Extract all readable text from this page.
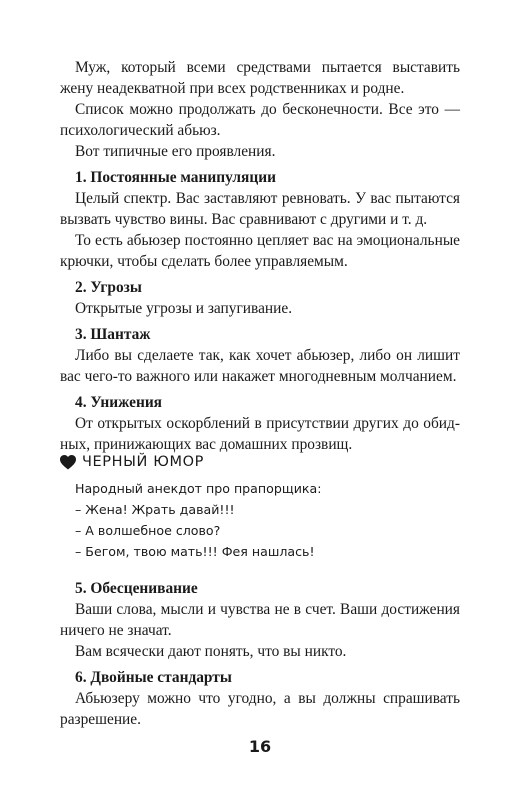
Муж, который всеми средствами пытается выставить жену неадекватной при всех родственниках и родне.

Список можно продолжать до бесконечности. Все это — психологический абьюз.

Вот типичные его проявления.

1. Постоянные манипуляции

Целый спектр. Вас заставляют ревновать. У вас пытаются вызвать чувство вины. Вас сравнивают с другими и т. д.

То есть абьюзер постоянно цепляет вас на эмоциональные крючки, чтобы сделать более управляемым.

2. Угрозы

Открытые угрозы и запугивание.

3. Шантаж

Либо вы сделаете так, как хочет абьюзер, либо он лишит вас чего-то важного или накажет многодневным молчанием.

4. Унижения

От открытых оскорблений в присутствии других до обидных, принижающих вас домашних прозвищ.

ЧЕРНЫЙ ЮМОР

Народный анекдот про прапорщика:

– Жена! Жрать давай!!!

– А волшебное слово?

– Бегом, твою мать!!! Фея нашлась!

5. Обесценивание

Ваши слова, мысли и чувства не в счет. Ваши достижения ничего не значат.

Вам всячески дают понять, что вы никто.

6. Двойные стандарты

Абьюзеру можно что угодно, а вы должны спрашивать разрешение.

16
